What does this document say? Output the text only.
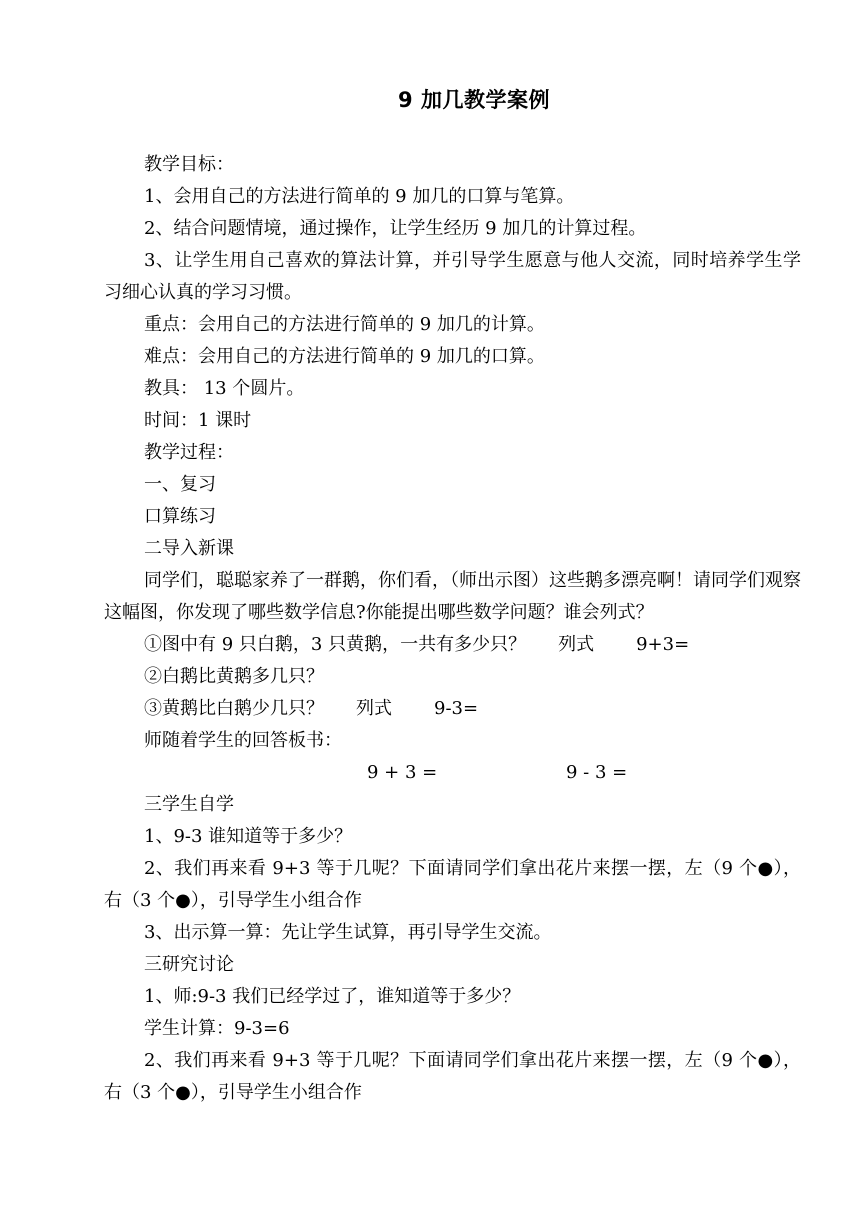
9 加几教学案例

教学目标：

1、会用自己的方法进行简单的 9 加几的口算与笔算。

2、结合问题情境，通过操作，让学生经历 9 加几的计算过程。

3、让学生用自己喜欢的算法计算，并引导学生愿意与他人交流，同时培养学生学习细心认真的学习习惯。

重点：会用自己的方法进行简单的 9 加几的计算。

难点：会用自己的方法进行简单的 9 加几的口算。

教具： 13 个圆片。

时间：1 课时

教学过程：

一、复习

口算练习

二导入新课

同学们，聪聪家养了一群鹅，你们看，（师出示图）这些鹅多漂亮啊！请同学们观察这幅图，你发现了哪些数学信息?你能提出哪些数学问题？谁会列式？

①图中有 9 只白鹅，3 只黄鹅，一共有多少只？ 列式 9+3=

②白鹅比黄鹅多几只？

③黄鹅比白鹅少几只？ 列式 9-3=

师随着学生的回答板书：

9 + 3 =	9 - 3 =

三学生自学

1、9-3 谁知道等于多少？

2、我们再来看 9+3 等于几呢？下面请同学们拿出花片来摆一摆，左（9 个●），右（3 个●），引导学生小组合作

3、出示算一算：先让学生试算，再引导学生交流。

三研究讨论

1、师:9-3 我们已经学过了，谁知道等于多少？

学生计算：9-3=6

2、我们再来看 9+3 等于几呢？下面请同学们拿出花片来摆一摆，左（9 个●），右（3 个●），引导学生小组合作
